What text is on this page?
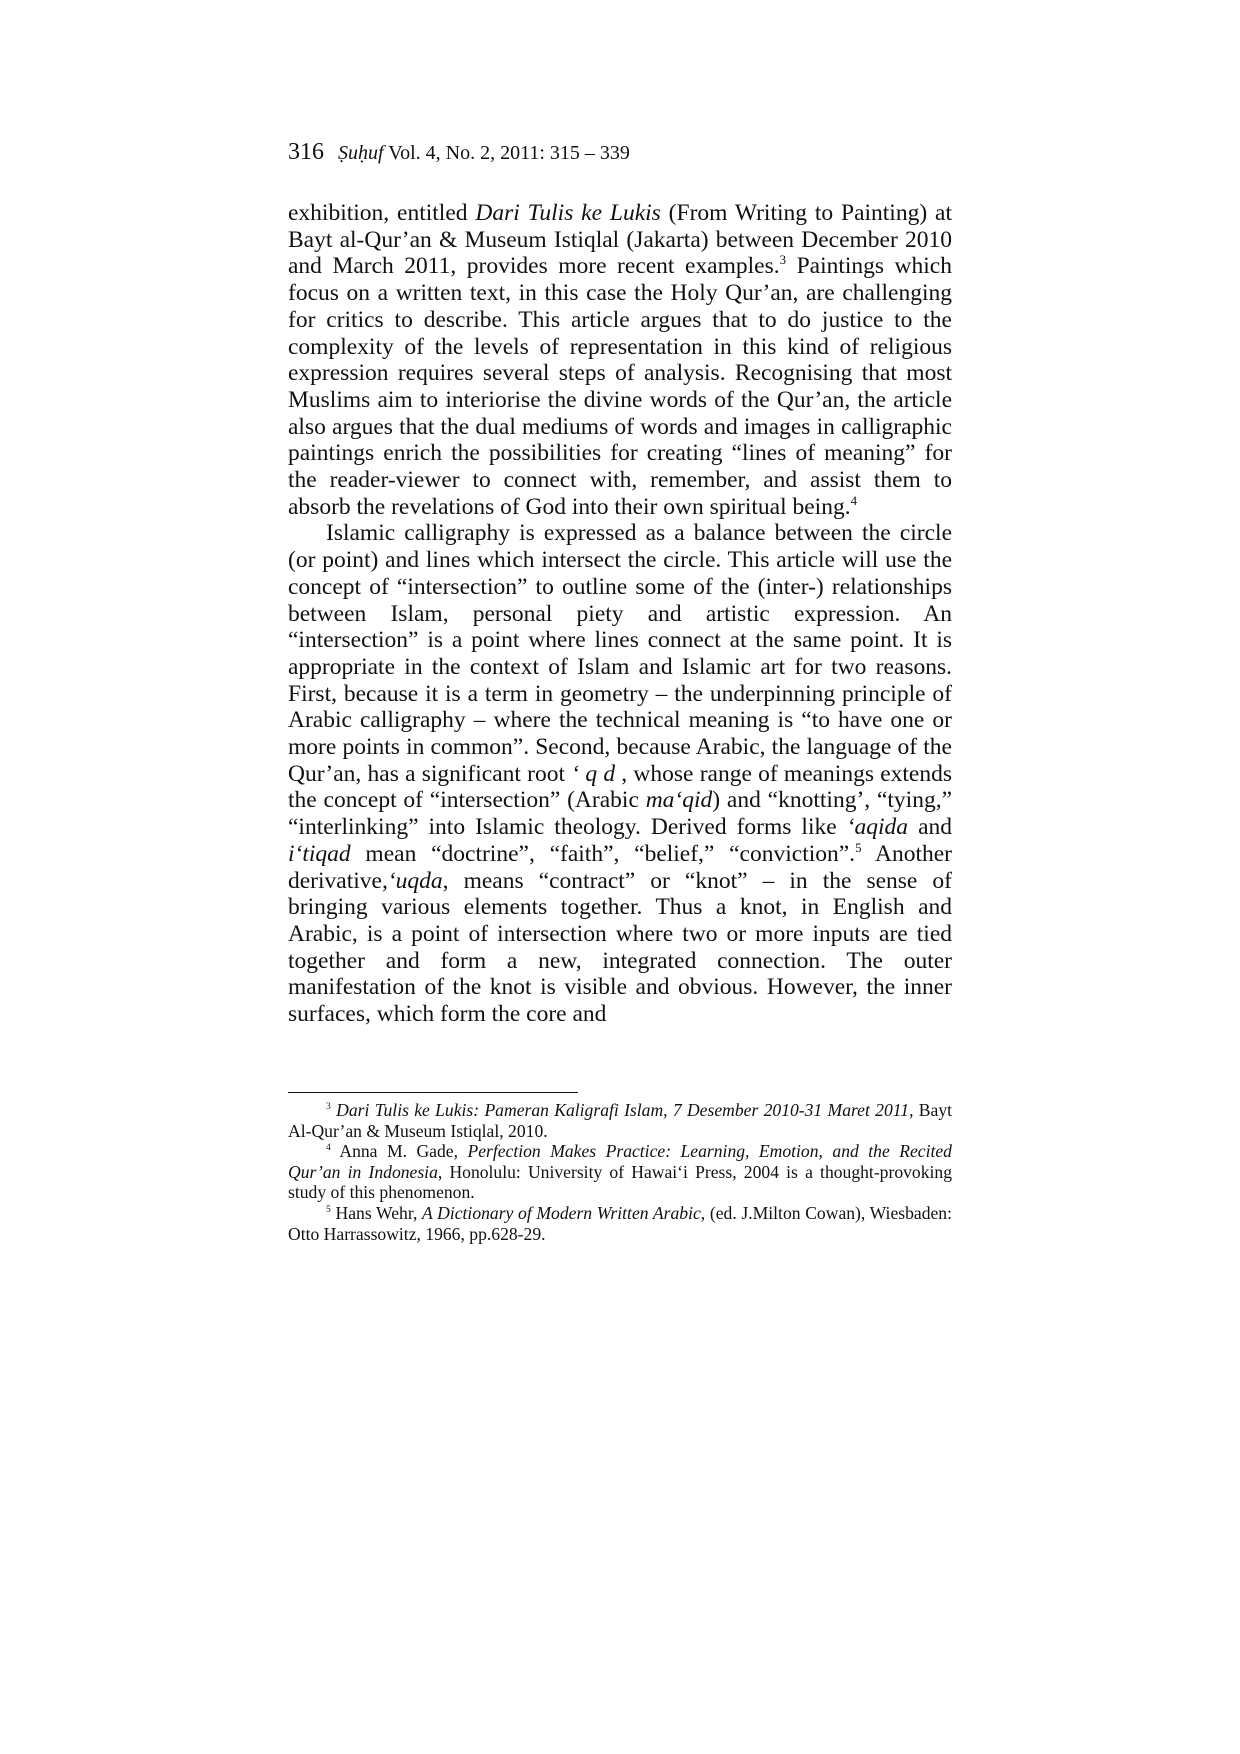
316 Ṣuḥuf Vol. 4, No. 2, 2011: 315 – 339

exhibition, entitled Dari Tulis ke Lukis (From Writing to Painting) at Bayt al-Qur’an & Museum Istiqlal (Jakarta) between December 2010 and March 2011, provides more recent examples.$^3$ Paintings which focus on a written text, in this case the Holy Qur’an, are challenging for critics to describe. This article argues that to do justice to the complexity of the levels of representation in this kind of religious expression requires several steps of analysis. Recognising that most Muslims aim to interiorise the divine words of the Qur’an, the article also argues that the dual mediums of words and images in calligraphic paintings enrich the possibilities for creating “lines of meaning” for the reader-viewer to connect with, remember, and assist them to absorb the revelations of God into their own spiritual being.$^4$

Islamic calligraphy is expressed as a balance between the circle (or point) and lines which intersect the circle. This article will use the concept of “intersection” to outline some of the (inter-) relationships between Islam, personal piety and artistic expression. An “intersection” is a point where lines connect at the same point. It is appropriate in the context of Islam and Islamic art for two reasons. First, because it is a term in geometry – the underpinning principle of Arabic calligraphy – where the technical meaning is “to have one or more points in common”. Second, because Arabic, the language of the Qur’an, has a significant root ‘ q d , whose range of meanings extends the concept of “intersection” (Arabic ma‘qid) and “knotting’, “tying,” “interlinking” into Islamic theology. Derived forms like ‘aqida and i‘tiqad mean “doctrine”, “faith”, “belief,” “conviction”.$^5$ Another derivative,‘uqda, means “contract” or “knot” – in the sense of bringing various elements together. Thus a knot, in English and Arabic, is a point of intersection where two or more inputs are tied together and form a new, integrated connection. The outer manifestation of the knot is visible and obvious. However, the inner surfaces, which form the core and

$^3$ Dari Tulis ke Lukis: Pameran Kaligrafi Islam, 7 Desember 2010-31 Maret 2011, Bayt Al-Qur’an & Museum Istiqlal, 2010.

$^4$ Anna M. Gade, Perfection Makes Practice: Learning, Emotion, and the Recited Qur’an in Indonesia, Honolulu: University of Hawai‘i Press, 2004 is a thought-provoking study of this phenomenon.

$^5$ Hans Wehr, A Dictionary of Modern Written Arabic, (ed. J.Milton Cowan), Wiesbaden: Otto Harrassowitz, 1966, pp.628-29.
